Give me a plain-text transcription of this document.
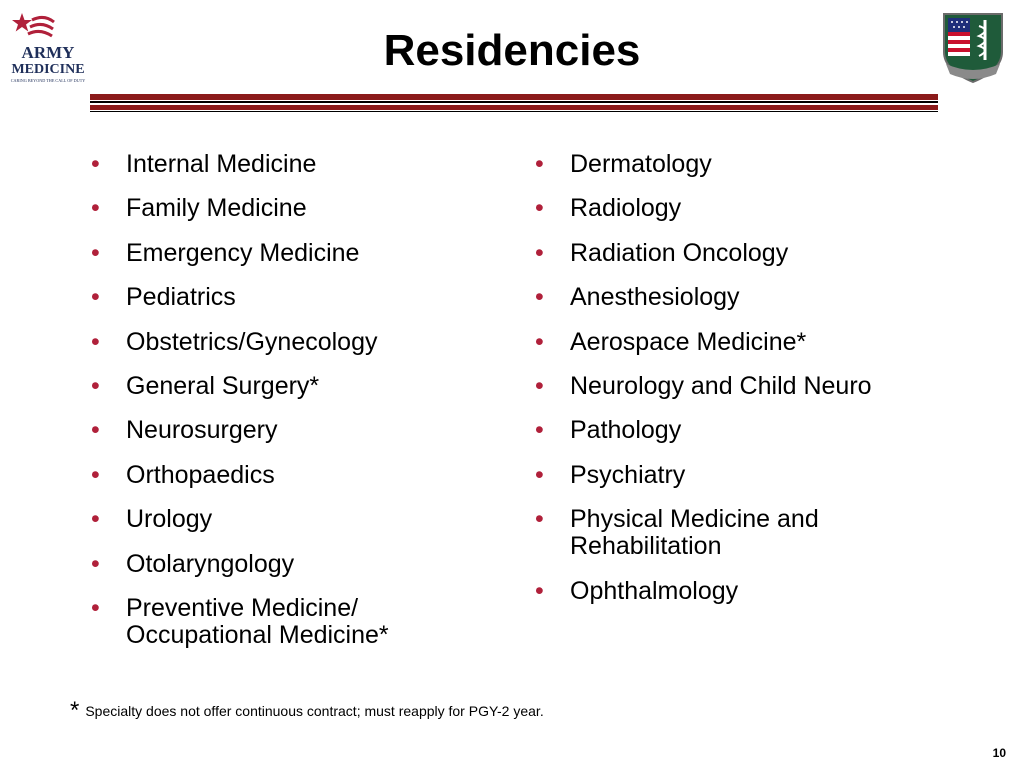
ARMY
MEDICINE
CARING BEYOND THE CALL OF DUTY
Residencies
• Internal Medicine
• Family Medicine
• Emergency Medicine
• Pediatrics
• Obstetrics/Gynecology
• General Surgery*
• Neurosurgery
• Orthopaedics
• Urology
• Otolaryngology
• Preventive Medicine/
Occupational Medicine*
• Dermatology
• Radiology
• Radiation Oncology
• Anesthesiology
• Aerospace Medicine*
• Neurology and Child Neuro
• Pathology
• Psychiatry
• Physical Medicine and
Rehabilitation
• Ophthalmology

* Specialty does not offer continuous contract; must reapply for PGY-2 year.

10
